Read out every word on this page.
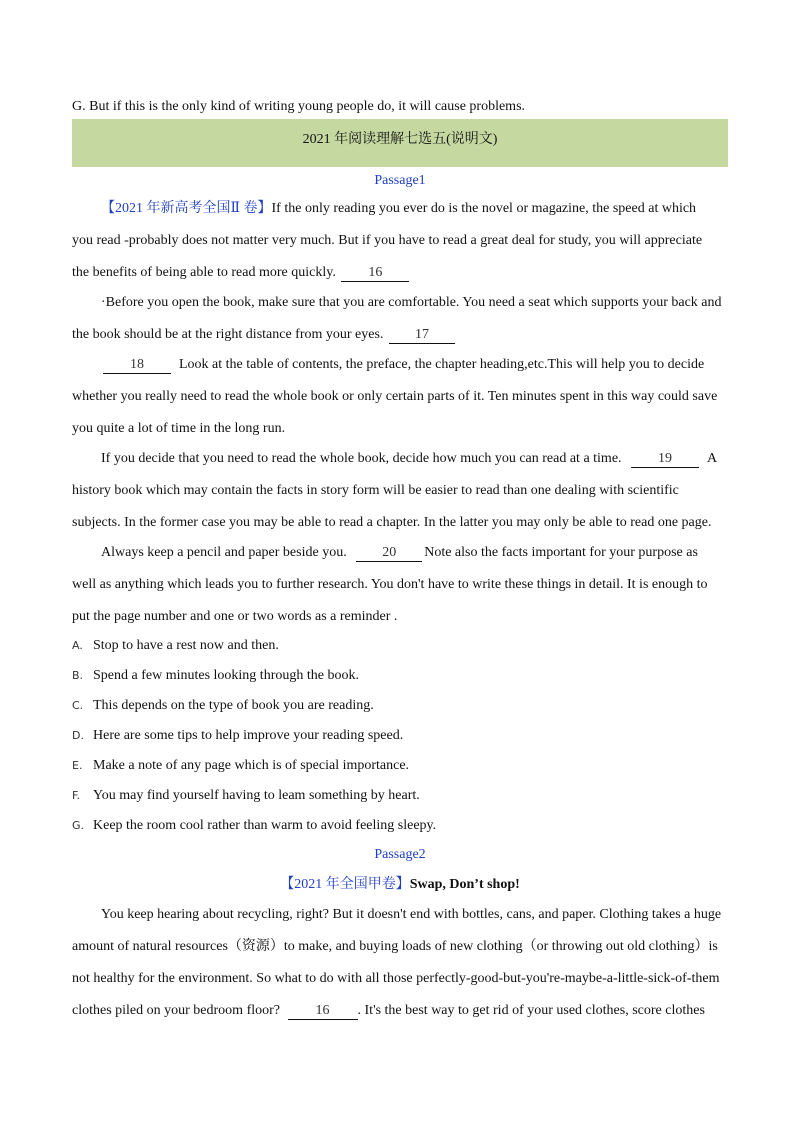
G. But if this is the only kind of writing young people do, it will cause problems.
2021 年阅读理解七选五(说明文)
Passage1
【2021 年新高考全国Ⅱ 卷】If the only reading you ever do is the novel or magazine, the speed at which
you read -probably does not matter very much. But if you have to read a great deal for study, you will appreciate
the benefits of being able to read more quickly. 16
·Before you open the book, make sure that you are comfortable. You need a seat which supports your back and
the book should be at the right distance from your eyes. 17
18	Look at the table of contents, the preface, the chapter heading,etc.This will help you to decide
whether you really need to read the whole book or only certain parts of it. Ten minutes spent in this way could save
you quite a lot of time in the long run.
If you decide that you need to read the whole book, decide how much you can read at a time.	19	A
history book which may contain the facts in story form will be easier to read than one dealing with scientific
subjects. In the former case you may be able to read a chapter. In the latter you may only be able to read one page.
Always keep a pencil and paper beside you.	20 Note also the facts important for your purpose as
well as anything which leads you to further research. You don't have to write these things in detail. It is enough to
put the page number and one or two words as a reminder .
A. Stop to have a rest now and then.
B. Spend a few minutes looking through the book.
C. This depends on the type of book you are reading.
D. Here are some tips to help improve your reading speed.
E. Make a note of any page which is of special importance.
F. You may find yourself having to leam something by heart.
G. Keep the room cool rather than warm to avoid feeling sleepy.
Passage2
【2021 年全国甲卷】Swap, Don’t shop!
You keep hearing about recycling, right? But it doesn't end with bottles, cans, and paper. Clothing takes a huge
amount of natural resources（资源）to make, and buying loads of new clothing（or throwing out old clothing）is
not healthy for the environment. So what to do with all those perfectly-good-but-you're-maybe-a-little-sick-of-them
clothes piled on your bedroom floor?	16 . It's the best way to get rid of your used clothes, score clothes
